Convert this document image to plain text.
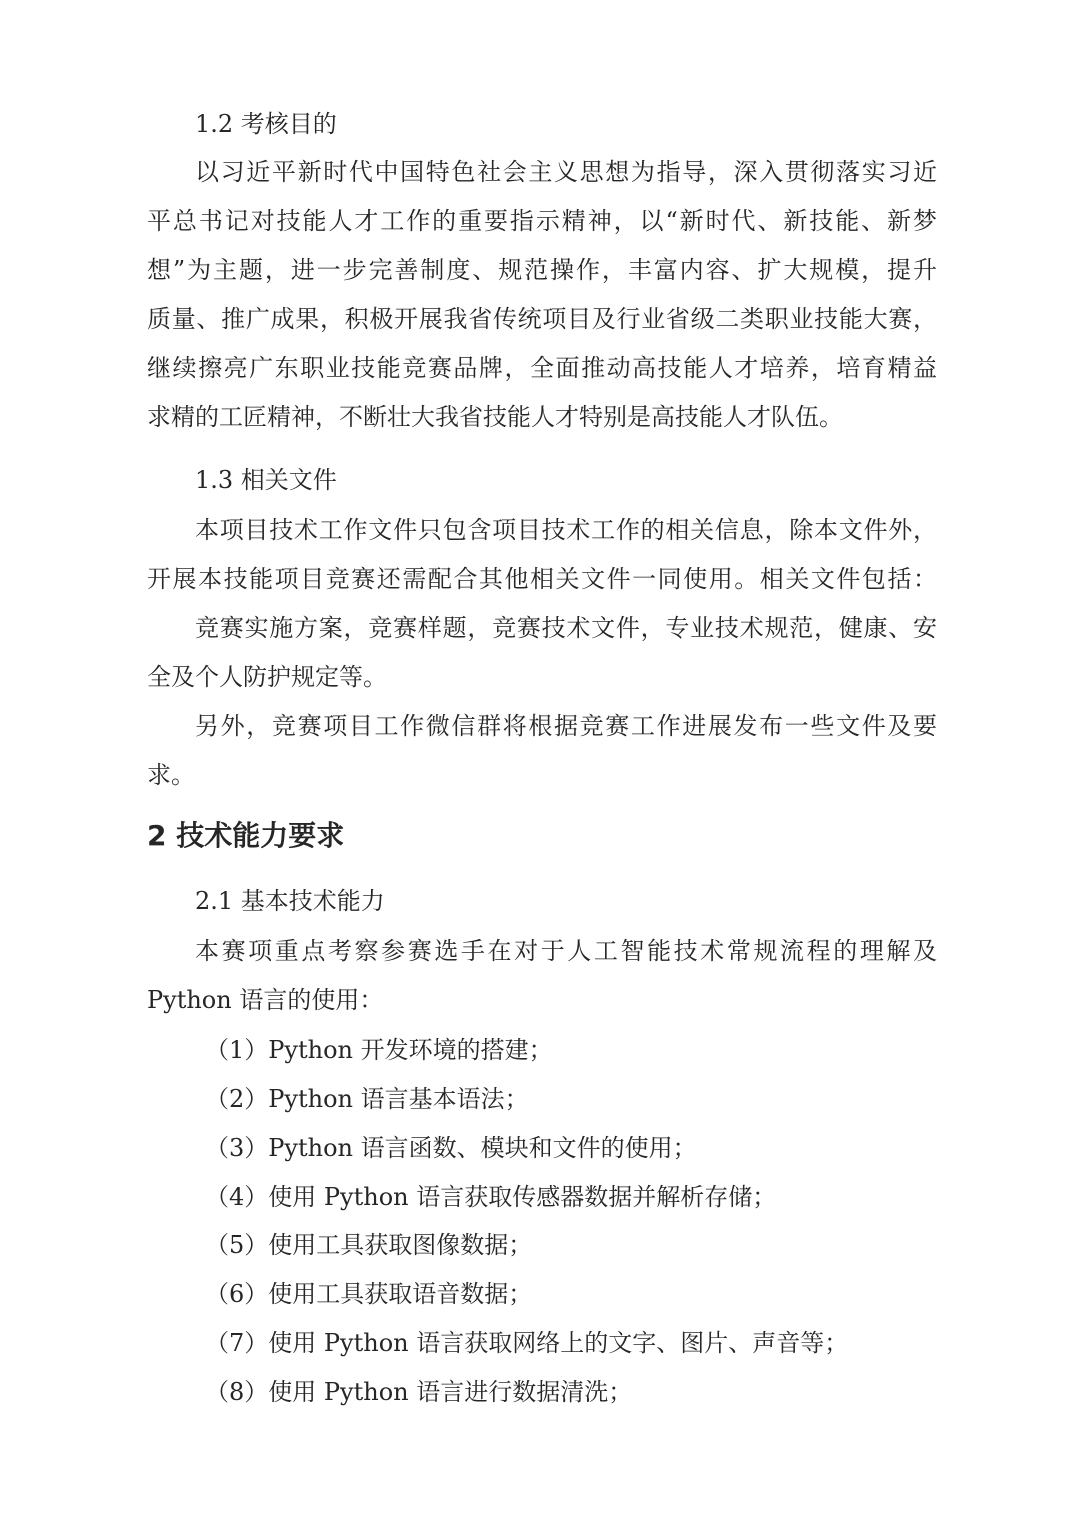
1.2 考核目的
以习近平新时代中国特色社会主义思想为指导，深入贯彻落实习近
平总书记对技能人才工作的重要指示精神，以“新时代、新技能、新梦
想”为主题，进一步完善制度、规范操作，丰富内容、扩大规模，提升
质量、推广成果，积极开展我省传统项目及行业省级二类职业技能大赛，
继续擦亮广东职业技能竞赛品牌，全面推动高技能人才培养，培育精益
求精的工匠精神，不断壮大我省技能人才特别是高技能人才队伍。
1.3 相关文件
本项目技术工作文件只包含项目技术工作的相关信息，除本文件外，
开展本技能项目竞赛还需配合其他相关文件一同使用。相关文件包括：
竞赛实施方案，竞赛样题，竞赛技术文件，专业技术规范，健康、安
全及个人防护规定等。
另外，竞赛项目工作微信群将根据竞赛工作进展发布一些文件及要
求。
2 技术能力要求
2.1 基本技术能力
本赛项重点考察参赛选手在对于人工智能技术常规流程的理解及
Python 语言的使用：
（1）Python 开发环境的搭建；
（2）Python 语言基本语法；
（3）Python 语言函数、模块和文件的使用；
（4）使用 Python 语言获取传感器数据并解析存储；
（5）使用工具获取图像数据；
（6）使用工具获取语音数据；
（7）使用 Python 语言获取网络上的文字、图片、声音等；
（8）使用 Python 语言进行数据清洗；
